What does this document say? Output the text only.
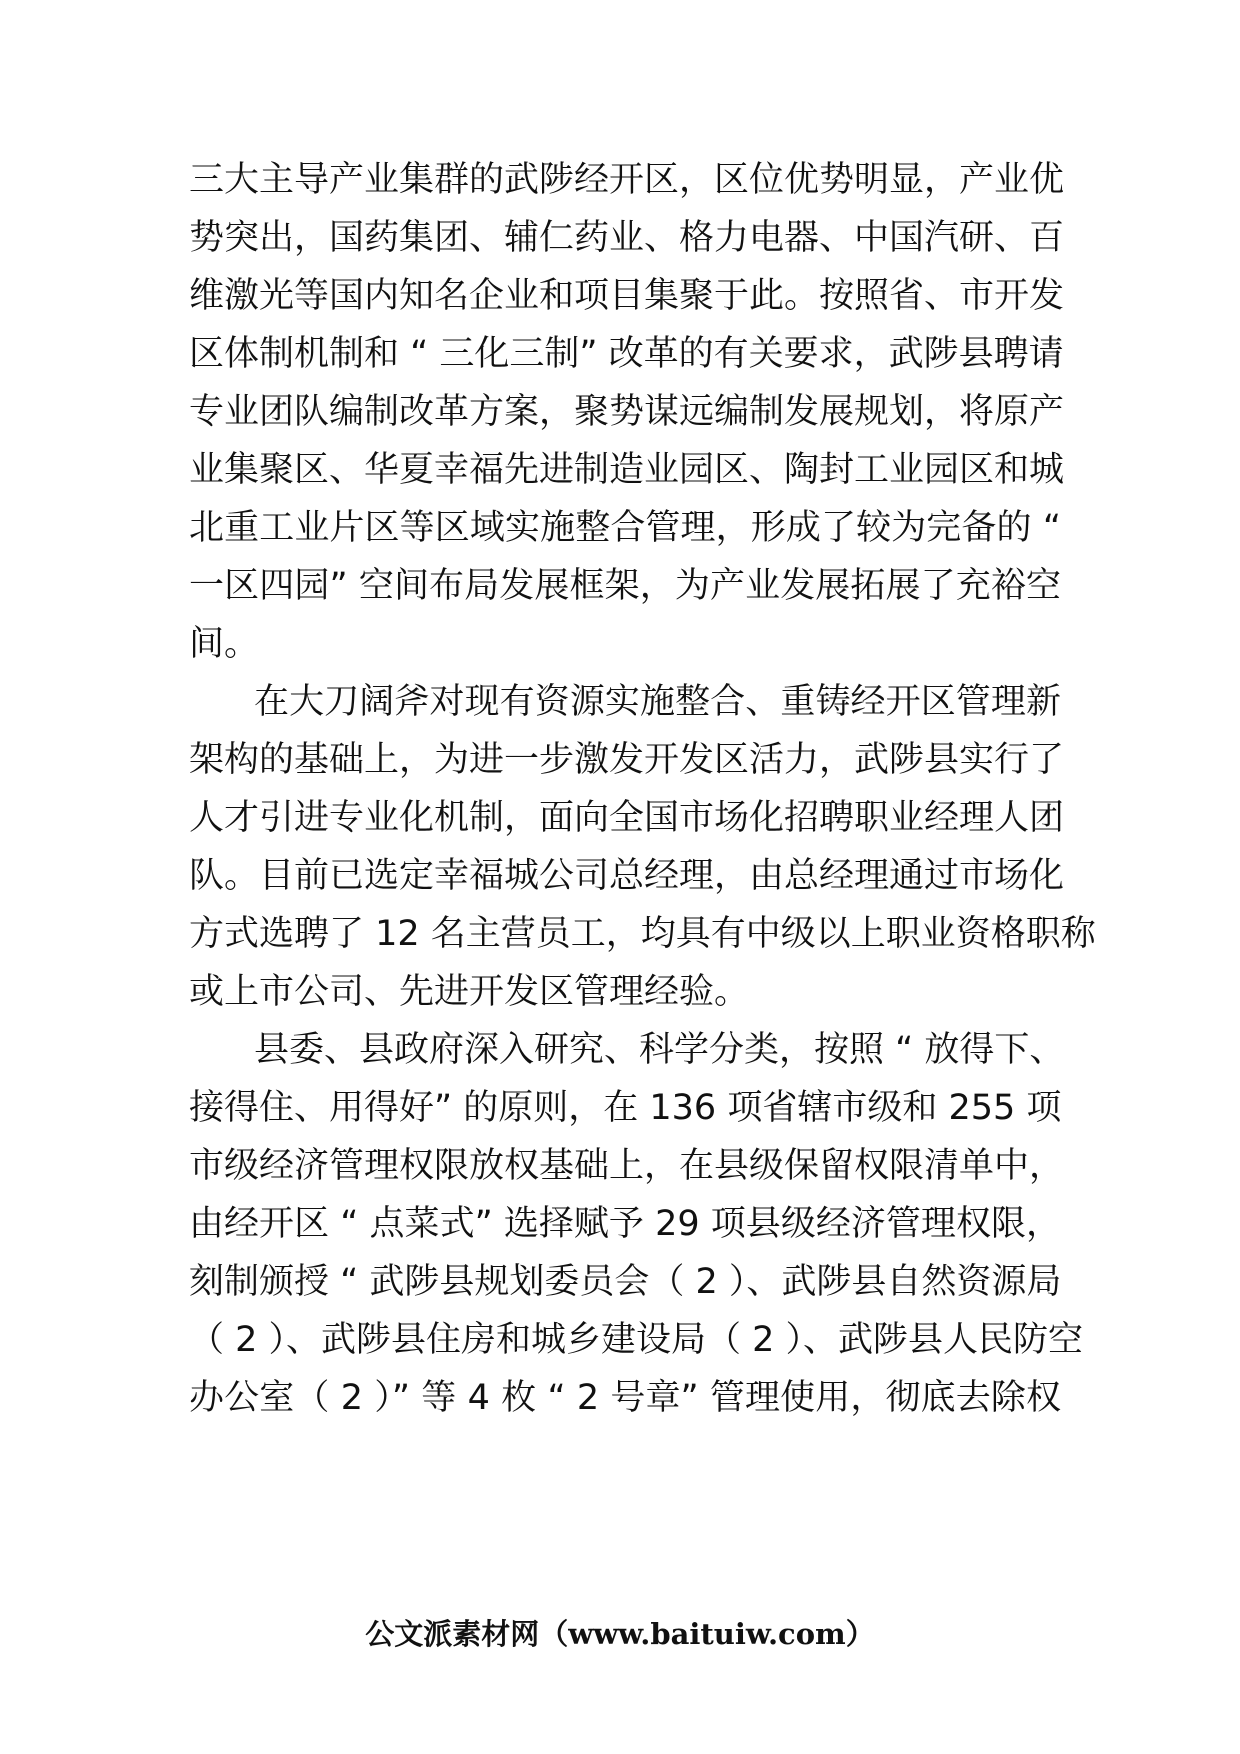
三大主导产业集群的武陟经开区，区位优势明显，产业优
势突出，国药集团、辅仁药业、格力电器、中国汽研、百
维激光等国内知名企业和项目集聚于此。按照省、市开发
区体制机制和 “ 三化三制” 改革的有关要求，武陟县聘请
专业团队编制改革方案，聚势谋远编制发展规划，将原产
业集聚区、华夏幸福先进制造业园区、陶封工业园区和城
北重工业片区等区域实施整合管理，形成了较为完备的 “
一区四园” 空间布局发展框架，为产业发展拓展了充裕空
间。
在大刀阔斧对现有资源实施整合、重铸经开区管理新
架构的基础上，为进一步激发开发区活力，武陟县实行了
人才引进专业化机制，面向全国市场化招聘职业经理人团
队。目前已选定幸福城公司总经理，由总经理通过市场化
方式选聘了 12 名主营员工，均具有中级以上职业资格职称
或上市公司、先进开发区管理经验。
县委、县政府深入研究、科学分类，按照 “ 放得下、
接得住、用得好” 的原则，在 136 项省辖市级和 255 项
市级经济管理权限放权基础上，在县级保留权限清单中，
由经开区 “ 点菜式” 选择赋予 29 项县级经济管理权限，
刻制颁授 “ 武陟县规划委员会（ 2 ）、武陟县自然资源局
（ 2 ）、武陟县住房和城乡建设局（ 2 ）、武陟县人民防空
办公室（ 2 ）” 等 4 枚 “ 2 号章” 管理使用，彻底去除权
公文派素材网（www.baituiw.com）
